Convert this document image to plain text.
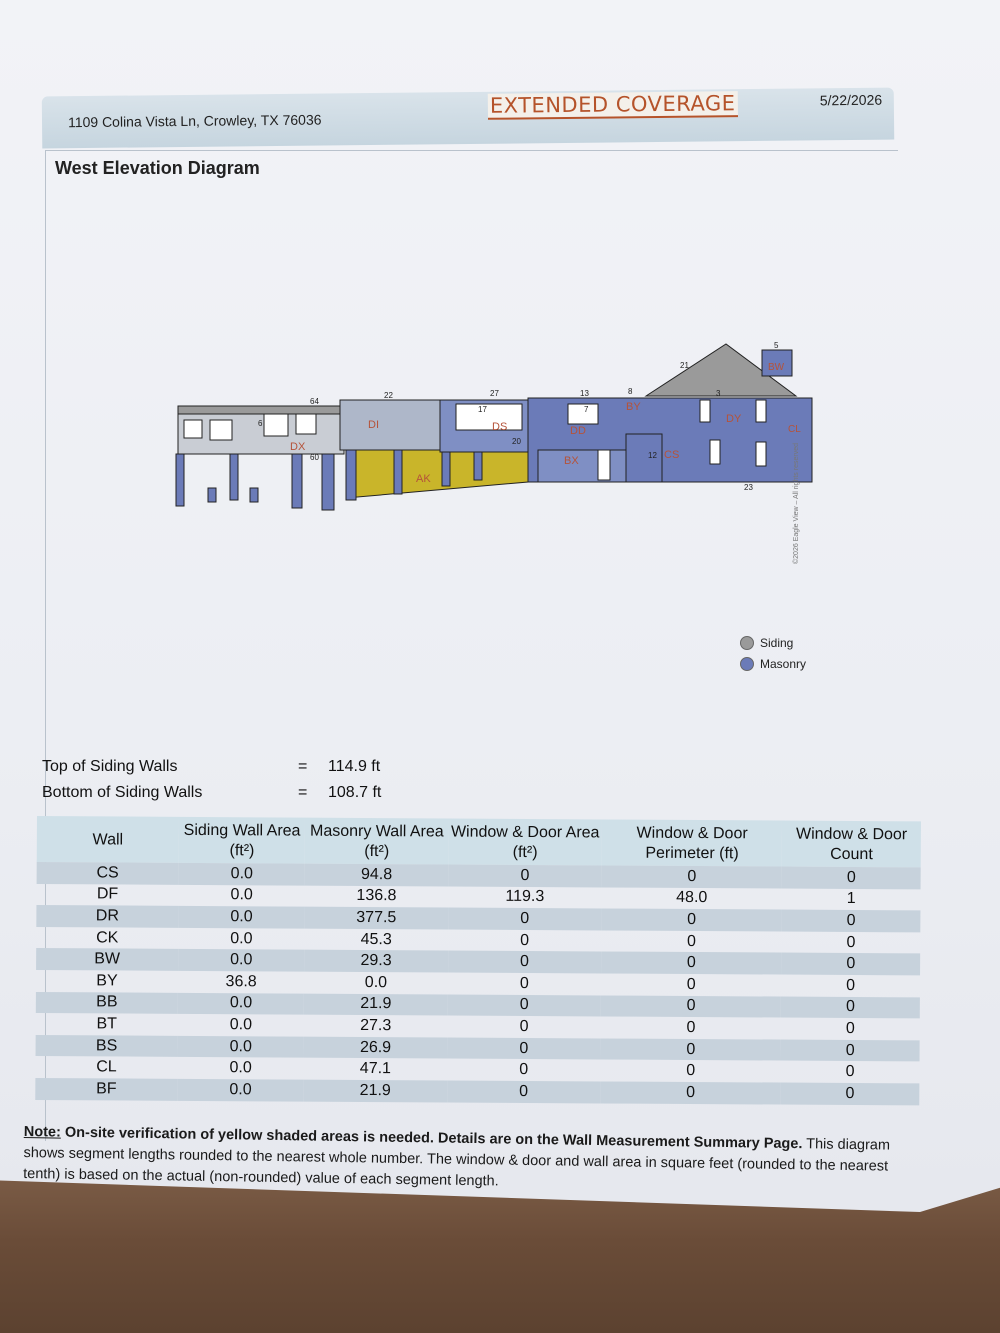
1109 Colina Vista Ln, Crowley, TX 76036
EXTENDED COVERAGE	5/22/2026
West Elevation Diagram
DX
DI	DS
AK
BX
DD
BY
DY
CS
BW
CL
64
22	27	13
21
23
17
20
60	12
3
6
8
5
7
©2026 Eagle View – All rights reserved
Siding
Masonry
Top of Siding Walls	= 114.9 ft
Bottom of Siding Walls	= 108.7 ft
Wall	Siding Wall Area (ft²)	Masonry Wall Area (ft²)	Window & Door Area (ft²)	Window & Door Perimeter (ft)	Window & Door Count
CS	0.0	94.8	0	0	0
DF	0.0	136.8	119.3	48.0	1
DR	0.0	377.5	0	0	0
CK	0.0	45.3	0	0	0
BW	0.0	29.3	0	0	0
BY	36.8	0.0	0	0	0
BB	0.0	21.9	0	0	0
BT	0.0	27.3	0	0	0
BS	0.0	26.9	0	0	0
CL	0.0	47.1	0	0	0
BF	0.0	21.9	0	0	0
Note: On-site verification of yellow shaded areas is needed. Details are on the Wall Measurement Summary Page. This diagram shows segment lengths rounded to the nearest whole number. The window & door and wall area in square feet (rounded to the nearest tenth) is based on the actual (non-rounded) value of each segment length.
